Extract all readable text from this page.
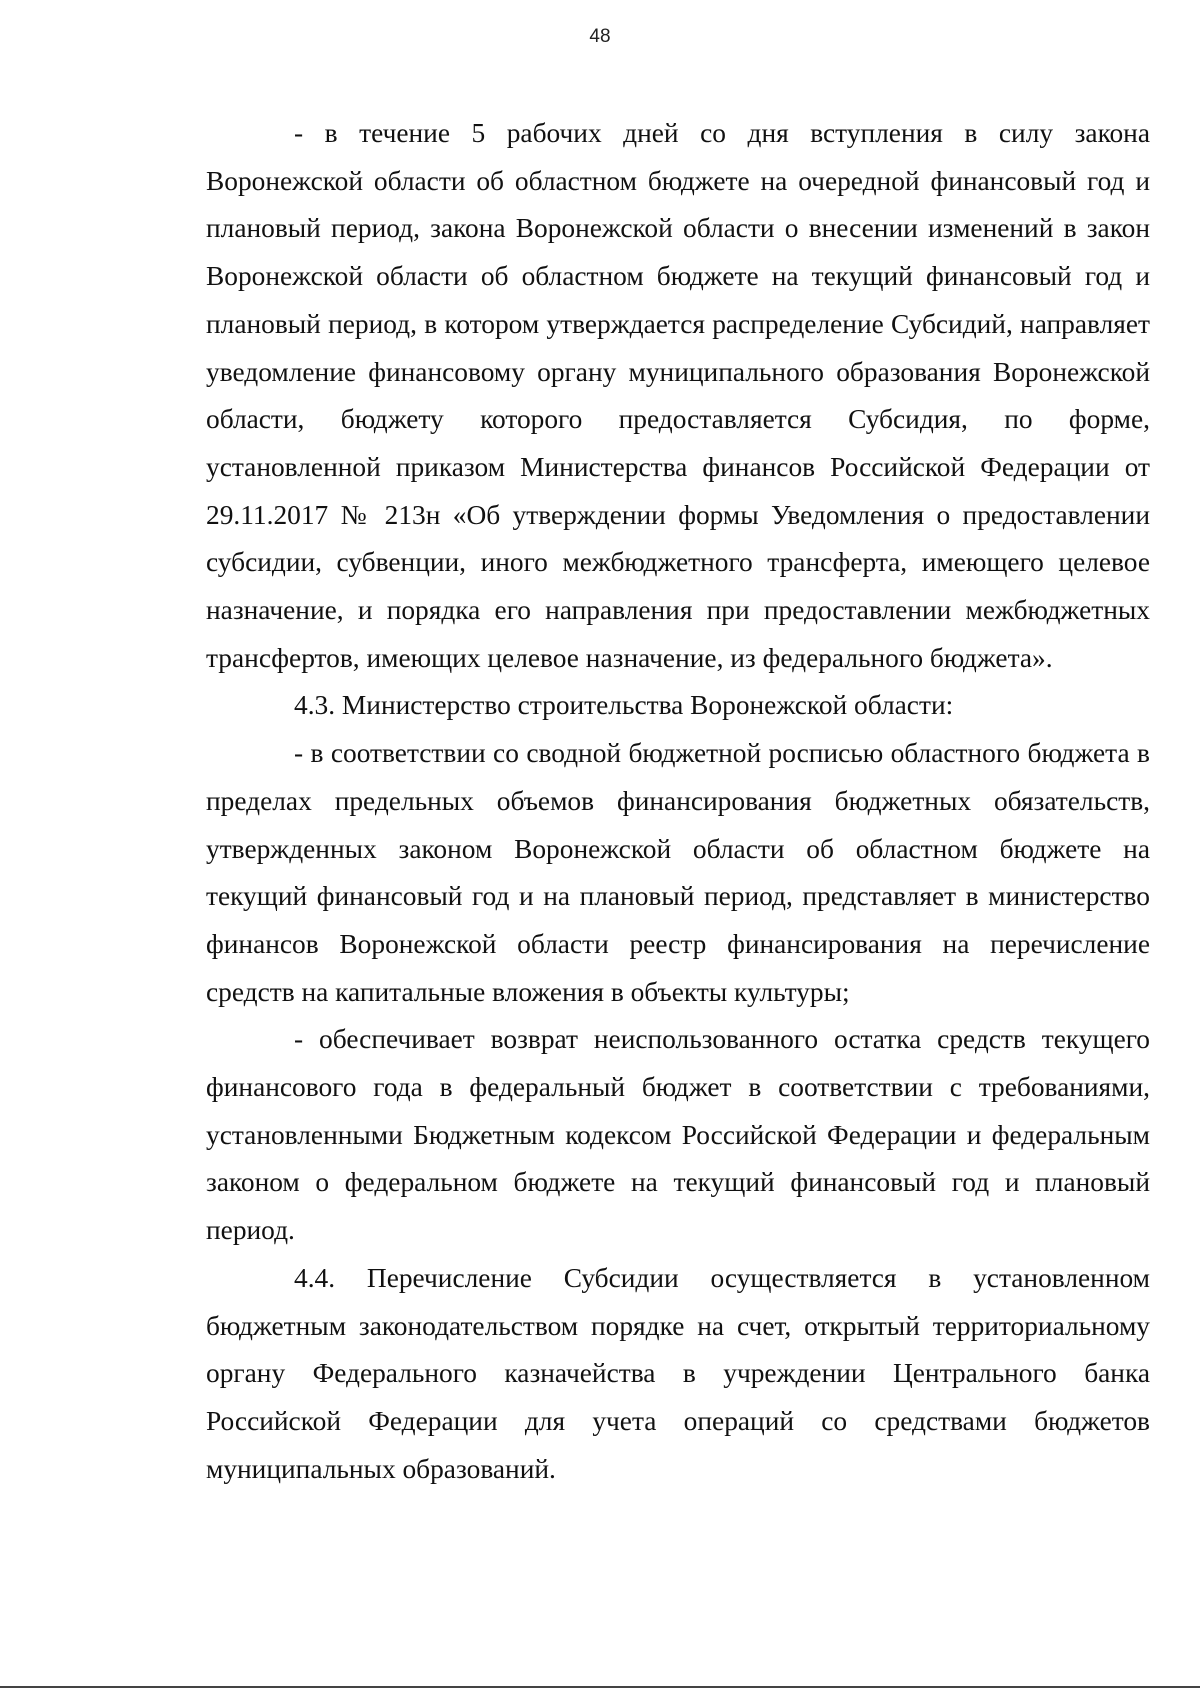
48

- в течение 5 рабочих дней со дня вступления в силу закона Воронежской области об областном бюджете на очередной финансовый год и плановый период, закона Воронежской области о внесении изменений в закон Воронежской области об областном бюджете на текущий финансовый год и плановый период, в котором утверждается распределение Субсидий, направляет уведомление финансовому органу муниципального образования Воронежской области, бюджету которого предоставляется Субсидия, по форме, установленной приказом Министерства финансов Российской Федерации от 29.11.2017 № 213н «Об утверждении формы Уведомления о предоставлении субсидии, субвенции, иного межбюджетного трансферта, имеющего целевое назначение, и порядка его направления при предоставлении межбюджетных трансфертов, имеющих целевое назначение, из федерального бюджета».

4.3. Министерство строительства Воронежской области:

- в соответствии со сводной бюджетной росписью областного бюджета в пределах предельных объемов финансирования бюджетных обязательств, утвержденных законом Воронежской области об областном бюджете на текущий финансовый год и на плановый период, представляет в министерство финансов Воронежской области реестр финансирования на перечисление средств на капитальные вложения в объекты культуры;

- обеспечивает возврат неиспользованного остатка средств текущего финансового года в федеральный бюджет в соответствии с требованиями, установленными Бюджетным кодексом Российской Федерации и федеральным законом о федеральном бюджете на текущий финансовый год и плановый период.

4.4. Перечисление Субсидии осуществляется в установленном бюджетным законодательством порядке на счет, открытый территориальному органу Федерального казначейства в учреждении Центрального банка Российской Федерации для учета операций со средствами бюджетов муниципальных образований.
